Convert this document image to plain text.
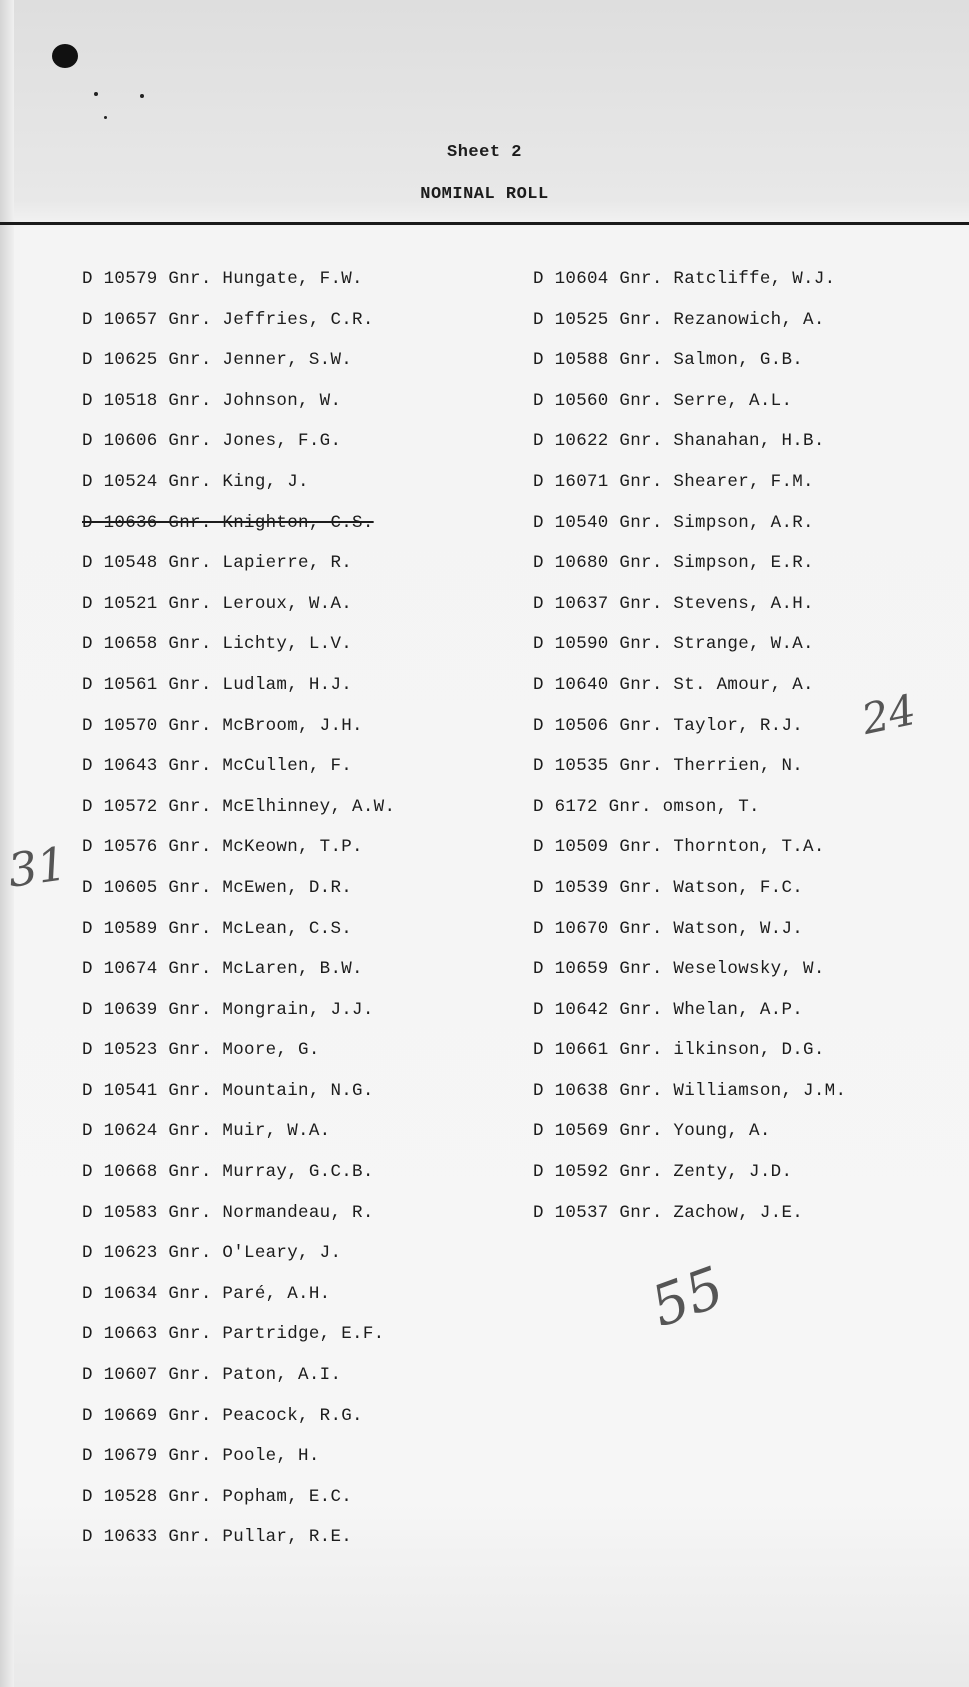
Sheet 2
NOMINAL ROLL
D 10579 Gnr. Hungate, F.W.
D 10657 Gnr. Jeffries, C.R.
D 10625 Gnr. Jenner, S.W.
D 10518 Gnr. Johnson, W.
D 10606 Gnr. Jones, F.G.
D 10524 Gnr. King, J.
D 10636 Gnr. Knighton, C.S.
D 10548 Gnr. Lapierre, R.
D 10521 Gnr. Leroux, W.A.
D 10658 Gnr. Lichty, L.V.
D 10561 Gnr. Ludlam, H.J.
D 10570 Gnr. McBroom, J.H.
D 10643 Gnr. McCullen, F.
D 10572 Gnr. McElhinney, A.W.
D 10576 Gnr. McKeown, T.P.
D 10605 Gnr. McEwen, D.R.
D 10589 Gnr. McLean, C.S.
D 10674 Gnr. McLaren, B.W.
D 10639 Gnr. Mongrain, J.J.
D 10523 Gnr. Moore, G.
D 10541 Gnr. Mountain, N.G.
D 10624 Gnr. Muir, W.A.
D 10668 Gnr. Murray, G.C.B.
D 10583 Gnr. Normandeau, R.
D 10623 Gnr. O'Leary, J.
D 10634 Gnr. Paré, A.H.
D 10663 Gnr. Partridge, E.F.
D 10607 Gnr. Paton, A.I.
D 10669 Gnr. Peacock, R.G.
D 10679 Gnr. Poole, H.
D 10528 Gnr. Popham, E.C.
D 10633 Gnr. Pullar, R.E.
D 10604 Gnr. Ratcliffe, W.J.
D 10525 Gnr. Rezanowich, A.
D 10588 Gnr. Salmon, G.B.
D 10560 Gnr. Serre, A.L.
D 10622 Gnr. Shanahan, H.B.
D 16071 Gnr. Shearer, F.M.
D 10540 Gnr. Simpson, A.R.
D 10680 Gnr. Simpson, E.R.
D 10637 Gnr. Stevens, A.H.
D 10590 Gnr. Strange, W.A.
D 10640 Gnr. St. Amour, A.
D 10506 Gnr. Taylor, R.J.
D 10535 Gnr. Therrien, N.
D 6172 Gnr. omson, T.
D 10509 Gnr. Thornton, T.A.
D 10539 Gnr. Watson, F.C.
D 10670 Gnr. Watson, W.J.
D 10659 Gnr. Weselowsky, W.
D 10642 Gnr. Whelan, A.P.
D 10661 Gnr. ilkinson, D.G.
D 10638 Gnr. Williamson, J.M.
D 10569 Gnr. Young, A.
D 10592 Gnr. Zenty, J.D.
D 10537 Gnr. Zachow, J.E.
31
24
55
